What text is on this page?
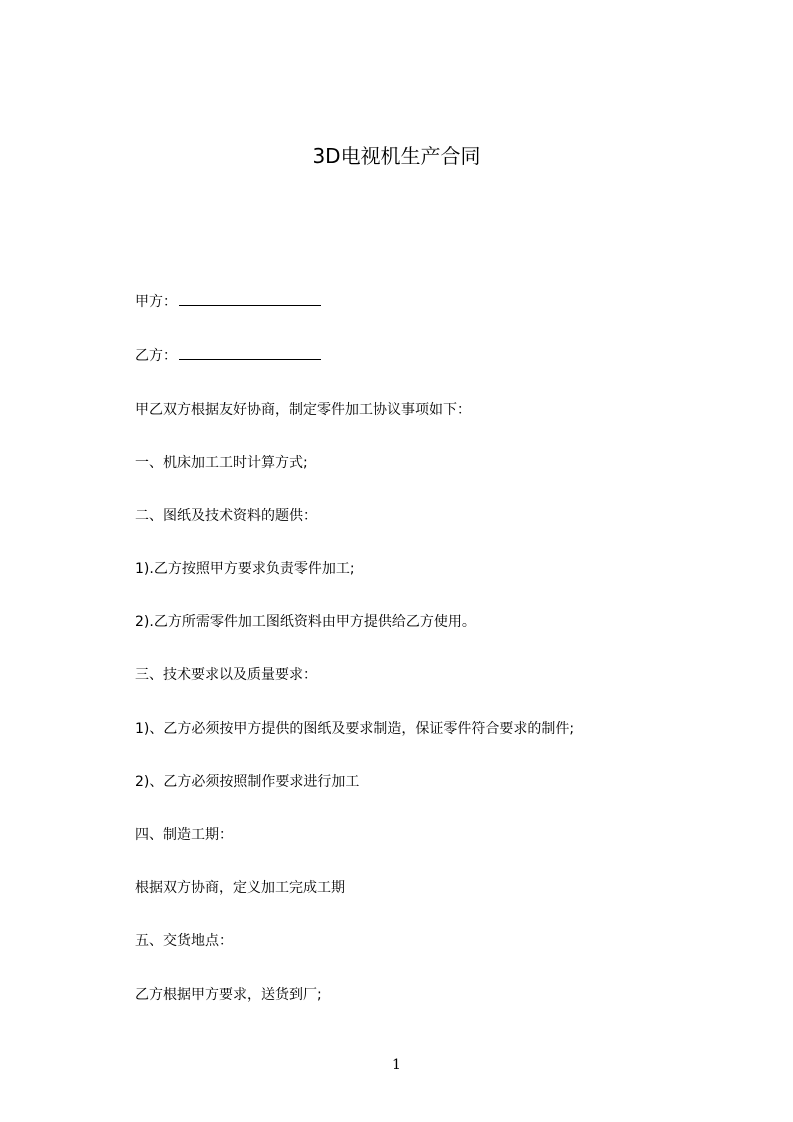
3D电视机生产合同
甲方：
乙方：
甲乙双方根据友好协商，制定零件加工协议事项如下：
一、机床加工工时计算方式;
二、图纸及技术资料的题供：
1).乙方按照甲方要求负责零件加工;
2).乙方所需零件加工图纸资料由甲方提供给乙方使用。
三、技术要求以及质量要求：
1)、乙方必须按甲方提供的图纸及要求制造，保证零件符合要求的制件;
2)、乙方必须按照制作要求进行加工
四、制造工期：
根据双方协商，定义加工完成工期
五、交货地点：
乙方根据甲方要求，送货到厂;
1
